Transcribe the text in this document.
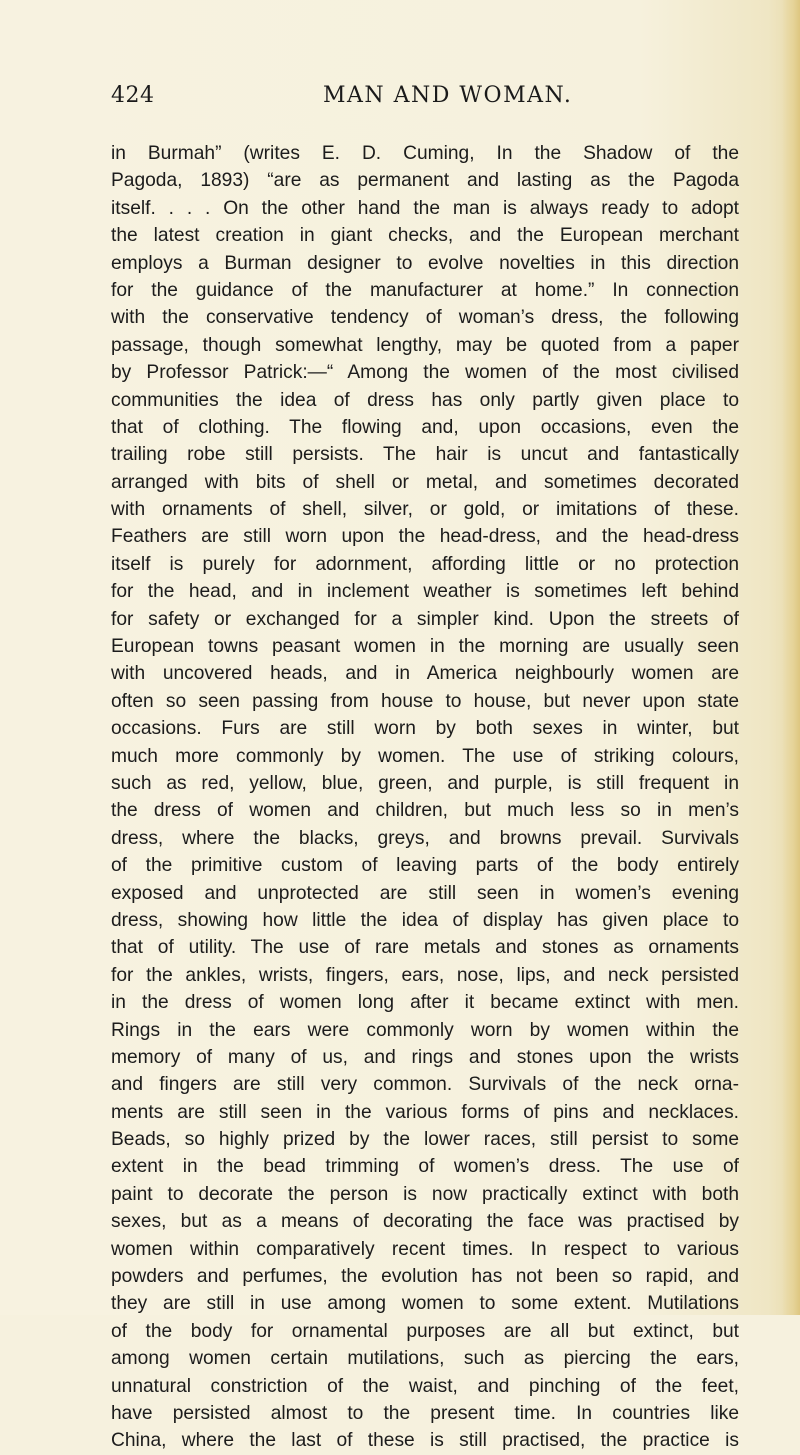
424	MAN AND WOMAN.
in Burmah” (writes E. D. Cuming, In the Shadow of the
Pagoda, 1893) “are as permanent and lasting as the Pagoda
itself. . . . On the other hand the man is always ready to adopt
the latest creation in giant checks, and the European merchant
employs a Burman designer to evolve novelties in this direction
for the guidance of the manufacturer at home.” In connection
with the conservative tendency of woman’s dress, the following
passage, though somewhat lengthy, may be quoted from a paper
by Professor Patrick:—“ Among the women of the most civilised
communities the idea of dress has only partly given place to
that of clothing. The flowing and, upon occasions, even the
trailing robe still persists. The hair is uncut and fantastically
arranged with bits of shell or metal, and sometimes decorated
with ornaments of shell, silver, or gold, or imitations of these.
Feathers are still worn upon the head-dress, and the head-dress
itself is purely for adornment, affording little or no protection
for the head, and in inclement weather is sometimes left behind
for safety or exchanged for a simpler kind. Upon the streets of
European towns peasant women in the morning are usually seen
with uncovered heads, and in America neighbourly women are
often so seen passing from house to house, but never upon state
occasions. Furs are still worn by both sexes in winter, but
much more commonly by women. The use of striking colours,
such as red, yellow, blue, green, and purple, is still frequent in
the dress of women and children, but much less so in men’s
dress, where the blacks, greys, and browns prevail. Survivals
of the primitive custom of leaving parts of the body entirely
exposed and unprotected are still seen in women’s evening
dress, showing how little the idea of display has given place to
that of utility. The use of rare metals and stones as ornaments
for the ankles, wrists, fingers, ears, nose, lips, and neck persisted
in the dress of women long after it became extinct with men.
Rings in the ears were commonly worn by women within the
memory of many of us, and rings and stones upon the wrists
and fingers are still very common. Survivals of the neck orna-
ments are still seen in the various forms of pins and necklaces.
Beads, so highly prized by the lower races, still persist to some
extent in the bead trimming of women’s dress. The use of
paint to decorate the person is now practically extinct with both
sexes, but as a means of decorating the face was practised by
women within comparatively recent times. In respect to various
powders and perfumes, the evolution has not been so rapid, and
they are still in use among women to some extent. Mutilations
of the body for ornamental purposes are all but extinct, but
among women certain mutilations, such as piercing the ears,
unnatural constriction of the waist, and pinching of the feet,
have persisted almost to the present time. In countries like
China, where the last of these is still practised, the practice is
